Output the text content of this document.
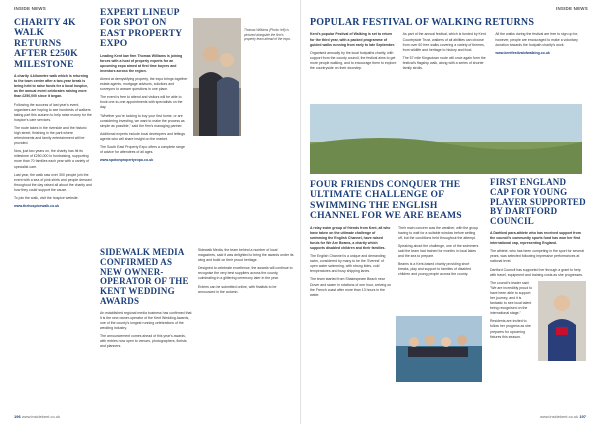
INSIDE NEWS	INSIDE NEWS
CHARITY 4K WALK RETURNS AFTER £250K MILESTONE

A charity 4-kilometre walk which is returning to the town centre after a two-year break is being held to raise funds for a local hospice, as the annual event celebrates raising more than £250,000 since it began.

Following the success of last year's event, organisers are hoping to see hundreds of walkers taking part this autumn to help raise money for the hospice's care services.

The route takes in the riverside and the historic high street, finishing in the park where refreshments and family entertainment will be provided.

Now, just two years on, the charity has hit its milestone of £250,000 in fundraising, supporting more than 70 families each year with a variety of specialist care.

Last year, the walk saw over 300 people join the event with a sea of pink shirts and people dressed throughout the day raised all about the charity and how they could support the cause.

To join the walk, visit the hospice website.

www.thehospicewalk.co.uk
EXPERT LINEUP FOR SPOT ON EAST PROPERTY EXPO

Leading Kent law firm Thomas Williams is joining forces with a host of property experts for an upcoming expo aimed at first time buyers and investors across the region.

Aimed at demystifying property, the expo brings together estate agents, mortgage advisors, solicitors and surveyors to answer questions in one place.

The event is free to attend and visitors will be able to book one-to-one appointments with specialists on the day.

"Whether you're looking to buy your first home, or are considering investing, we want to make the process as simple as possible," said the firm's managing partner.

Additional experts include local developers and lettings agents who will share insight on the market.

The South East Property Expo offers a complete range of advice for attendees of all ages.

www.spotonpropertyexpo.co.uk
Thomas Williams (Photo: left) is pictured alongside the firm's property team ahead of the expo.
SIDEWALK MEDIA CONFIRMED AS NEW OWNER-OPERATOR OF THE KENT WEDDING AWARDS

An established regional media business has confirmed that it is the new owner-operator of the Kent Wedding Awards, one of the county's longest running celebrations of the wedding industry.

The announcement comes ahead of this year's awards, with entries now open to venues, photographers, florists and planners.

Sidewalk Media, the team behind a number of local magazines, said it was delighted to bring the awards under its wing and build on their proud heritage.

Designed to celebrate excellence, the awards will continue to recognise the very best suppliers across the county, culminating in a glittering ceremony later in the year.

Entries can be submitted online, with finalists to be announced in the autumn.

196 www.insidekent.co.uk
POPULAR FESTIVAL OF WALKING RETURNS

Kent's popular Festival of Walking is set to return for the third year, with a packed programme of guided walks running from early to late September.

Organised annually by the local footpaths charity, with support from the county council, the festival aims to get more people walking, and to encourage them to explore the countryside on their doorstep.

As part of the annual festival, which is funded by Kent Countryside Trust, walkers of all abilities can choose from over 60 free walks covering a variety of themes, from wildlife and heritage to history and food.

The 57 mile Kingsdown route will once again form the festival's flagship walk, along with a series of shorter family strolls.

All the walks during the festival are free to sign up for, however, people are encouraged to make a voluntary donation towards the footpath charity's work.

www.kentfestivalofwalking.co.uk
FOUR FRIENDS CONQUER THE ULTIMATE CHALLENGE OF SWIMMING THE ENGLISH CHANNEL FOR WE ARE BEAMS

A relay swim group of friends from Kent, all who have taken on the ultimate challenge of swimming the English Channel, have raised funds for We Are Beams, a charity which supports disabled children and their families.

The English Channel is a unique and demanding swim, considered by many to be the 'Everest' of open water swimming, with strong tides, cold temperatures and busy shipping lanes.

The team started from Shakespeare Beach near Dover and swam in rotations of one hour, arriving on the French coast after more than 13 hours in the water.

Their main concern was the weather, with the group having to wait for a suitable window before setting off, but the conditions held throughout the attempt.

Speaking about the challenge, one of the swimmers said the team had trained for months in local lakes and the sea to prepare.

Beams is a Kent-based charity providing short breaks, play and support to families of disabled children and young people across the county.

FIRST ENGLAND CAP FOR YOUNG PLAYER SUPPORTED BY DARTFORD COUNCIL

A Dartford para-athlete who has received support from the council's community sports fund has won her first international cap, representing England.

The athlete, who has been competing in the sport for several years, was selected following impressive performances at national level.

Dartford Council has supported her through a grant to help with travel, equipment and training costs as she progresses.

The council's leader said: "We are incredibly proud to have been able to support her journey, and it is fantastic to see local talent being recognised on the international stage."

Residents are invited to follow her progress as she prepares for upcoming fixtures this season.

www.insidekent.co.uk 197
